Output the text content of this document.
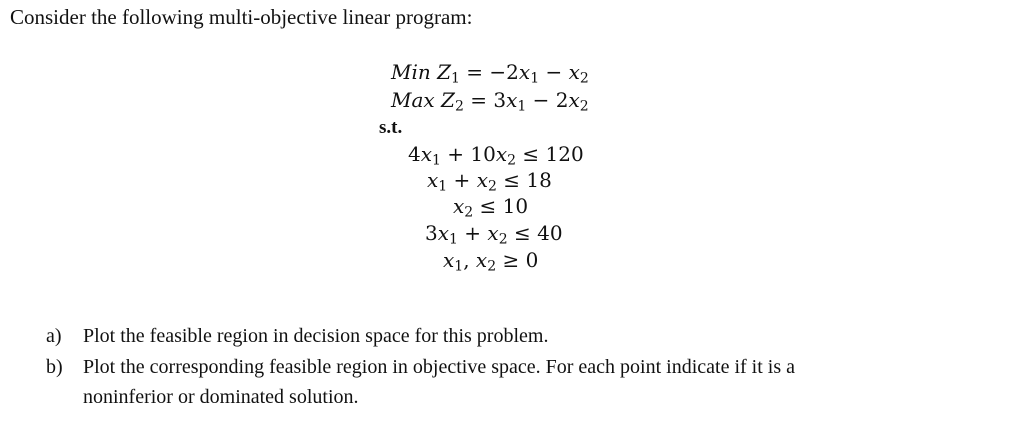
Consider the following multi-objective linear program:
Min $Z_1 = -2x_1 - x_2$
Max $Z_2 = 3x_1 - 2x_2$
s.t.
$4x_1 + 10x_2 \le 120$
$x_1 + x_2 \le 18$
$x_2 \le 10$
$3x_1 + x_2 \le 40$
$x_1$, $x_2 \ge 0$
a) Plot the feasible region in decision space for this problem.
b) Plot the corresponding feasible region in objective space. For each point indicate if it is a
noninferior or dominated solution.
